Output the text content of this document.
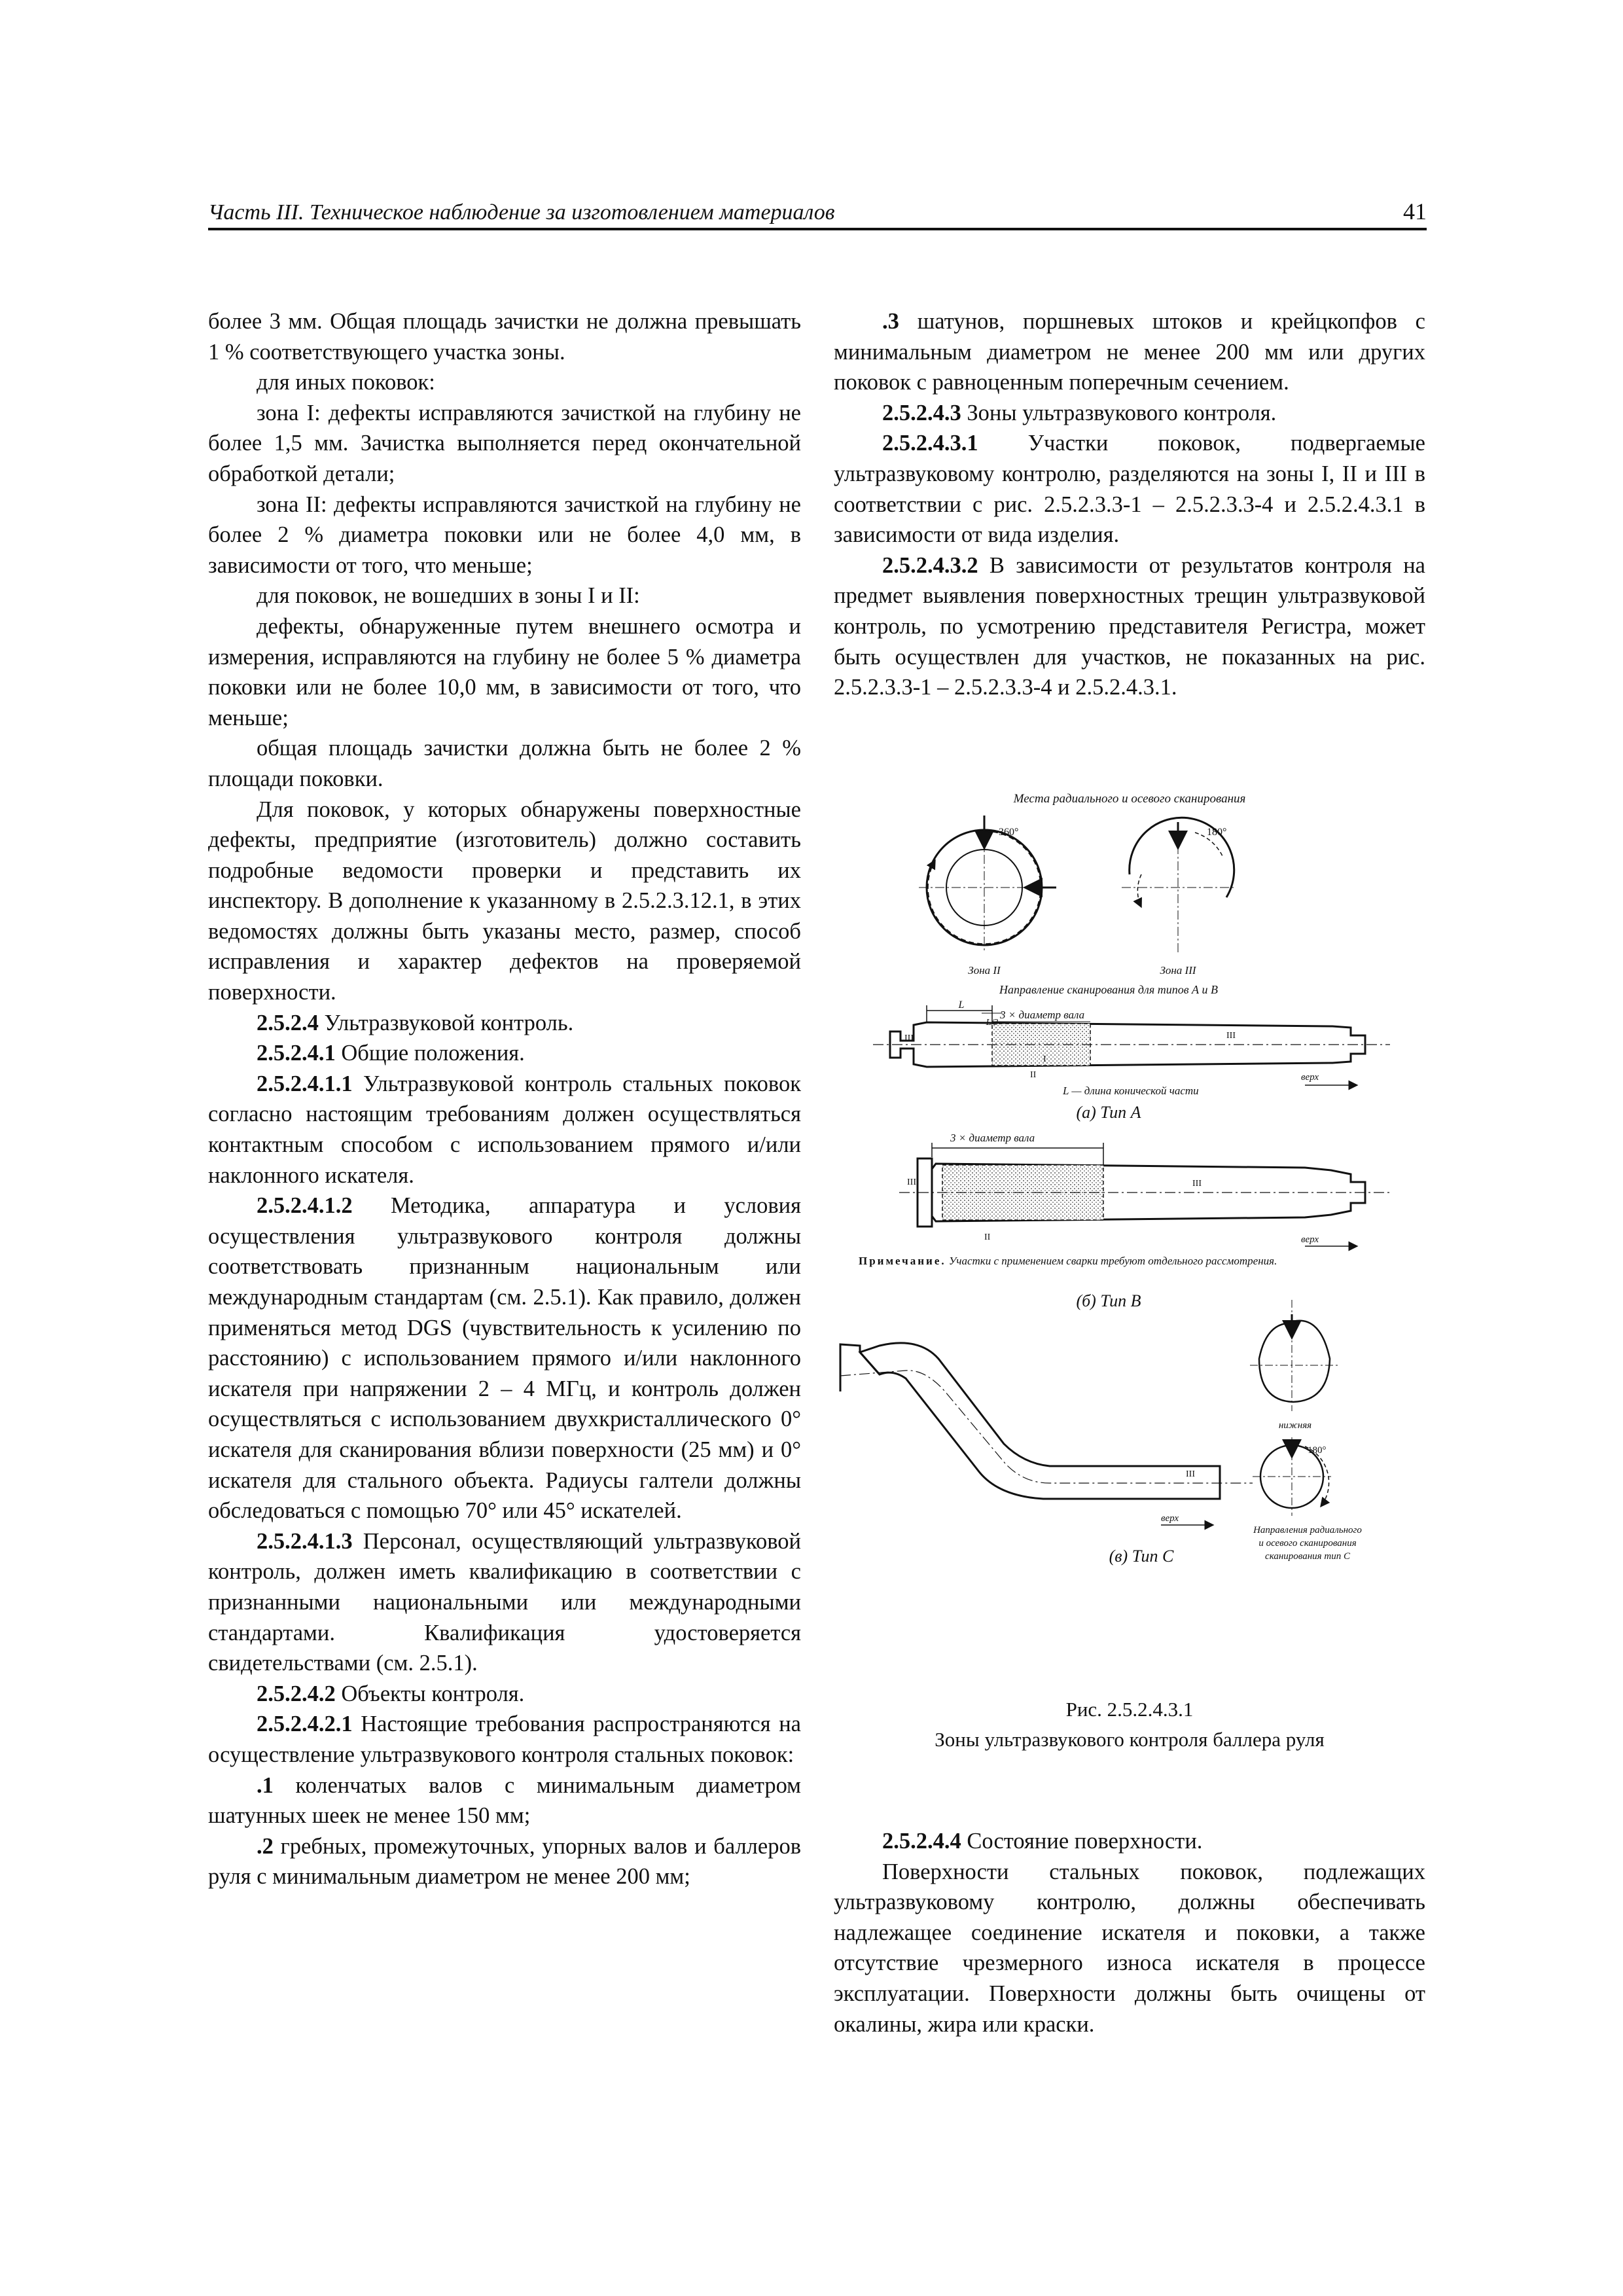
Часть III. Техническое наблюдение за изготовлением материалов	41

более 3 мм. Общая площадь зачистки не должна превышать 1 % соответствующего участка зоны.

для иных поковок:

зона I: дефекты исправляются зачисткой на глубину не более 1,5 мм. Зачистка выполняется перед окончательной обработкой детали;

зона II: дефекты исправляются зачисткой на глубину не более 2 % диаметра поковки или не более 4,0 мм, в зависимости от того, что меньше;

для поковок, не вошедших в зоны I и II:

дефекты, обнаруженные путем внешнего осмотра и измерения, исправляются на глубину не более 5 % диаметра поковки или не более 10,0 мм, в зависимости от того, что меньше;

общая площадь зачистки должна быть не более 2 % площади поковки.

Для поковок, у которых обнаружены поверхностные дефекты, предприятие (изготовитель) должно составить подробные ведомости проверки и представить их инспектору. В дополнение к указанному в 2.5.2.3.12.1, в этих ведомостях должны быть указаны место, размер, способ исправления и характер дефектов на проверяемой поверхности.

2.5.2.4 Ультразвуковой контроль.

2.5.2.4.1 Общие положения.

2.5.2.4.1.1 Ультразвуковой контроль стальных поковок согласно настоящим требованиям должен осуществляться контактным способом с использованием прямого и/или наклонного искателя.

2.5.2.4.1.2 Методика, аппаратура и условия осуществления ультразвукового контроля должны соответствовать признанным национальным или международным стандартам (см. 2.5.1). Как правило, должен применяться метод DGS (чувствительность к усилению по расстоянию) с использованием прямого и/или наклонного искателя при напряжении 2 – 4 МГц, и контроль должен осуществляться с использованием двухкристаллического 0° искателя для сканирования вблизи поверхности (25 мм) и 0° искателя для стального объекта. Радиусы галтели должны обследоваться с помощью 70° или 45° искателей.

2.5.2.4.1.3 Персонал, осуществляющий ультразвуковой контроль, должен иметь квалификацию в соответствии с признанными национальными или международными стандартами. Квалификация удостоверяется свидетельствами (см. 2.5.1).

2.5.2.4.2 Объекты контроля.

2.5.2.4.2.1 Настоящие требования распространяются на осуществление ультразвукового контроля стальных поковок:

.1 коленчатых валов с минимальным диаметром шатунных шеек не менее 150 мм;

.2 гребных, промежуточных, упорных валов и баллеров руля с минимальным диаметром не менее 200 мм;

.3 шатунов, поршневых штоков и крейцкопфов с минимальным диаметром не менее 200 мм или других поковок с равноценным поперечным сечением.

2.5.2.4.3 Зоны ультразвукового контроля.

2.5.2.4.3.1 Участки поковок, подвергаемые ультразвуковому контролю, разделяются на зоны I, II и III в соответствии с рис. 2.5.2.3.3-1 – 2.5.2.3.3-4 и 2.5.2.4.3.1 в зависимости от вида изделия.

2.5.2.4.3.2 В зависимости от результатов контроля на предмет выявления поверхностных трещин ультразвуковой контроль, по усмотрению представителя Регистра, может быть осуществлен для участков, не показанных на рис. 2.5.2.3.3-1 – 2.5.2.3.3-4 и 2.5.2.4.3.1.

Места радиального и осевого сканирования
360°
Зона II
180°
Зона III
Направление сканирования для типов А и В
L
L/3
3 × диаметр вала
III	III
I
II
L — длина конической части
верх
(а) Тип А
3 × диаметр вала
III	III
II	верх
Примечание. Участки с применением сварки требуют отдельного рассмотрения.
(б) Тип В
III
верх
(в) Тип С
нижняя
180°
Направления радиального
и осевого сканирования
сканирования тип С
Рис. 2.5.2.4.3.1
Зоны ультразвукового контроля баллера руля

2.5.2.4.4 Состояние поверхности.

Поверхности стальных поковок, подлежащих ультразвуковому контролю, должны обеспечивать надлежащее соединение искателя и поковки, а также отсутствие чрезмерного износа искателя в процессе эксплуатации. Поверхности должны быть очищены от окалины, жира или краски.
